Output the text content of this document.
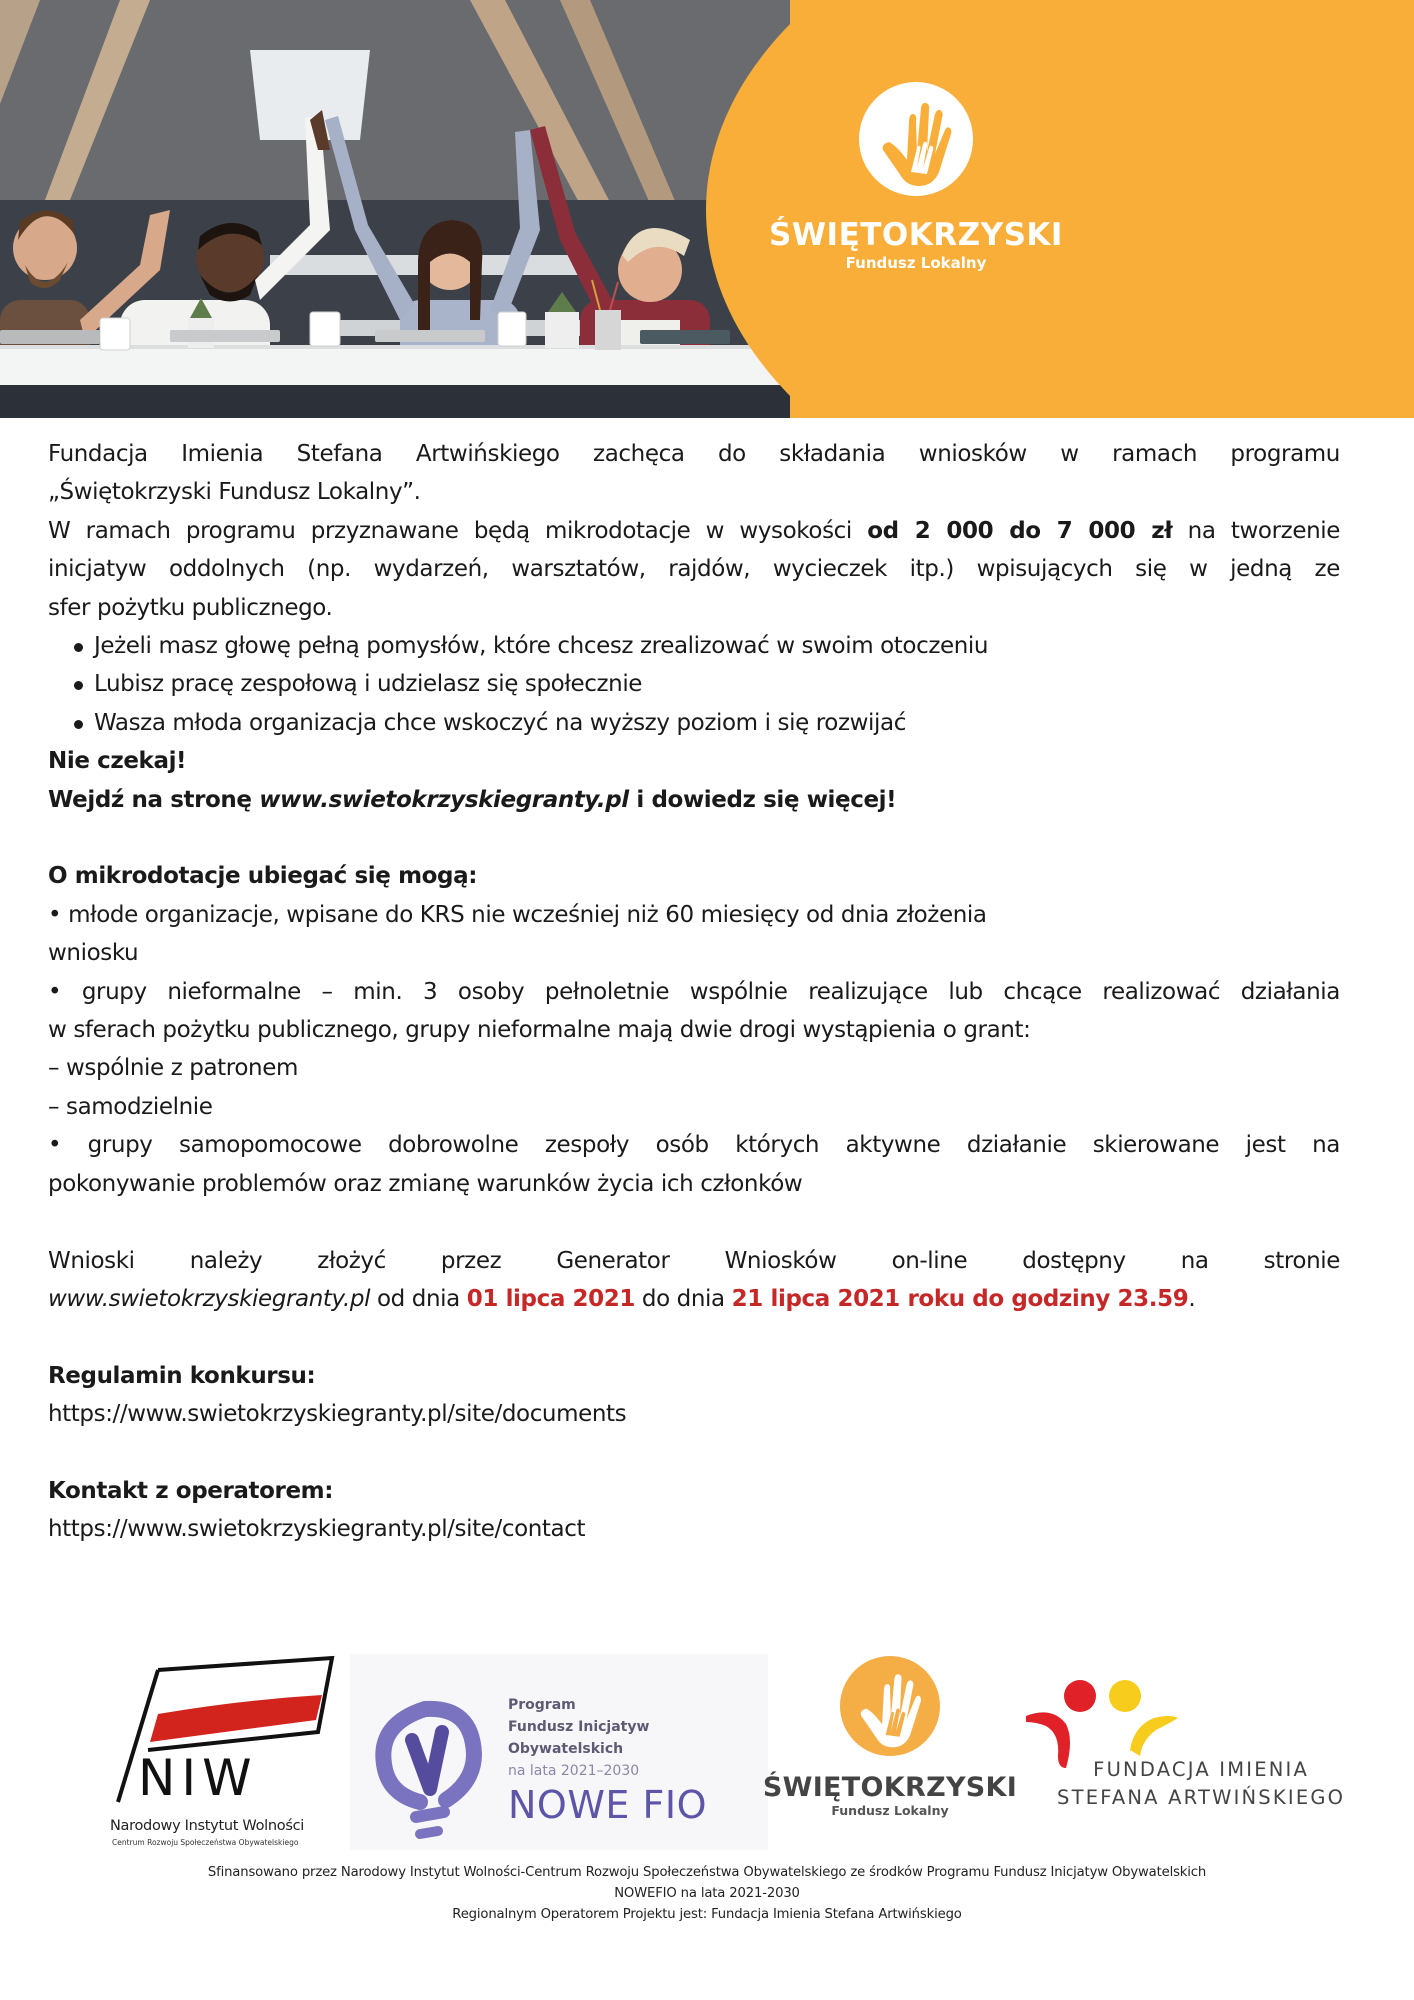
ŚWIĘTOKRZYSKI
Fundusz Lokalny

Fundacja Imienia Stefana Artwińskiego zachęca do składania wniosków w ramach programu

„Świętokrzyski Fundusz Lokalny”.

W ramach programu przyznawane będą mikrodotacje w wysokości od 2 000 do 7 000 zł na tworzenie

inicjatyw oddolnych (np. wydarzeń, warsztatów, rajdów, wycieczek itp.) wpisujących się w jedną ze

sfer pożytku publicznego.

Jeżeli masz głowę pełną pomysłów, które chcesz zrealizować w swoim otoczeniu
Lubisz pracę zespołową i udzielasz się społecznie
Wasza młoda organizacja chce wskoczyć na wyższy poziom i się rozwijać

Nie czekaj!

Wejdź na stronę www.swietokrzyskiegranty.pl i dowiedz się więcej!

O mikrodotacje ubiegać się mogą:

• młode organizacje, wpisane do KRS nie wcześniej niż 60 miesięcy od dnia złożenia

wniosku

• grupy nieformalne – min. 3 osoby pełnoletnie wspólnie realizujące lub chcące realizować działania

w sferach pożytku publicznego, grupy nieformalne mają dwie drogi wystąpienia o grant:

– wspólnie z patronem

– samodzielnie

• grupy samopomocowe dobrowolne zespoły osób których aktywne działanie skierowane jest na

pokonywanie problemów oraz zmianę warunków życia ich członków

Wnioski należy złożyć przez Generator Wniosków on-line dostępny na stronie

www.swietokrzyskiegranty.pl od dnia 01 lipca 2021 do dnia 21 lipca 2021 roku do godziny 23.59.

Regulamin konkursu:

https://www.swietokrzyskiegranty.pl/site/documents

Kontakt z operatorem:

https://www.swietokrzyskiegranty.pl/site/contact

NIW
Narodowy Instytut Wolności
Centrum Rozwoju Społeczeństwa Obywatelskiego
Program
Fundusz Inicjatyw
Obywatelskich
na lata 2021–2030
NOWE FIO ŚWIĘTOKRZYSKI
Fundusz Lokalny
FUNDACJA IMIENIA
STEFANA ARTWIŃSKIEGO
Sfinansowano przez Narodowy Instytut Wolności-Centrum Rozwoju Społeczeństwa Obywatelskiego ze środków Programu Fundusz Inicjatyw Obywatelskich
NOWEFIO na lata 2021-2030
Regionalnym Operatorem Projektu jest: Fundacja Imienia Stefana Artwińskiego
